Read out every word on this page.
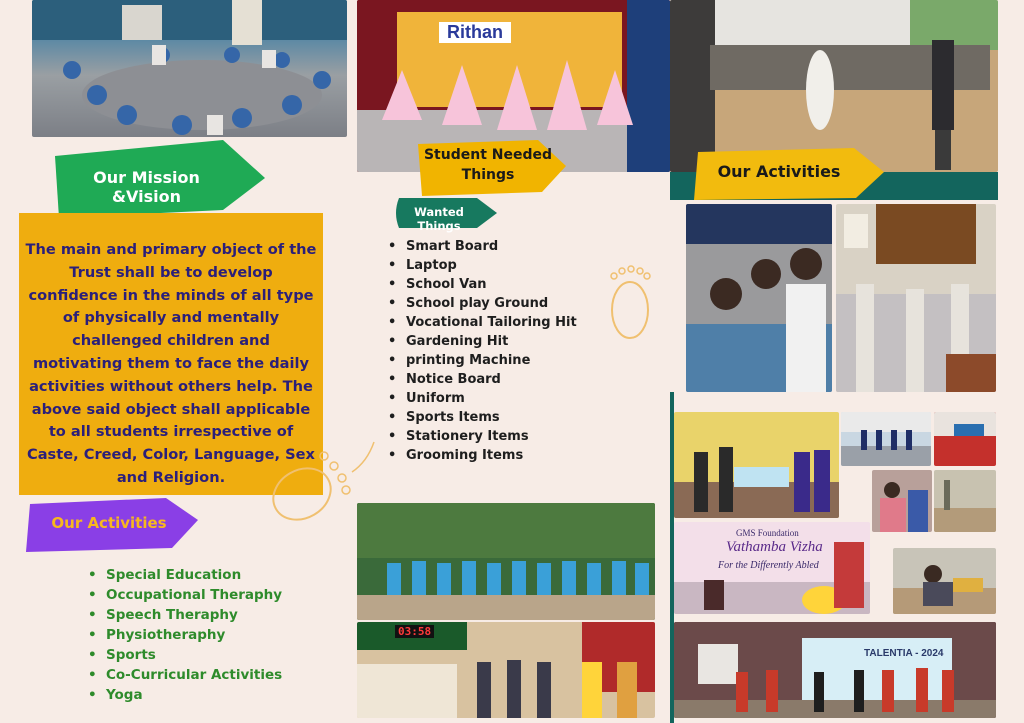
Rithan
GMS Foundation
Vathamba Vizha
For the Differently Abled
TALENTIA - 2024
03:58
Our Mission &Vision
The main and primary object of the Trust shall be to develop confidence in the minds of all type of physically and mentally challenged children and motivating them to face the daily activities without others help. The above said object shall applicable to all students irrespective of Caste, Creed, Color, Language, Sex and Religion.
Our Activities
• Special Education
• Occupational Theraphy
• Speech Theraphy
• Physiotheraphy
• Sports
• Co-Curricular Activities
• Yoga
Student Needed
Things
Wanted Things
• Smart Board
• Laptop
• School Van
• School play Ground
• Vocational Tailoring Hit
• Gardening Hit
• printing Machine
• Notice Board
• Uniform
• Sports Items
• Stationery Items
• Grooming Items
Our Activities
